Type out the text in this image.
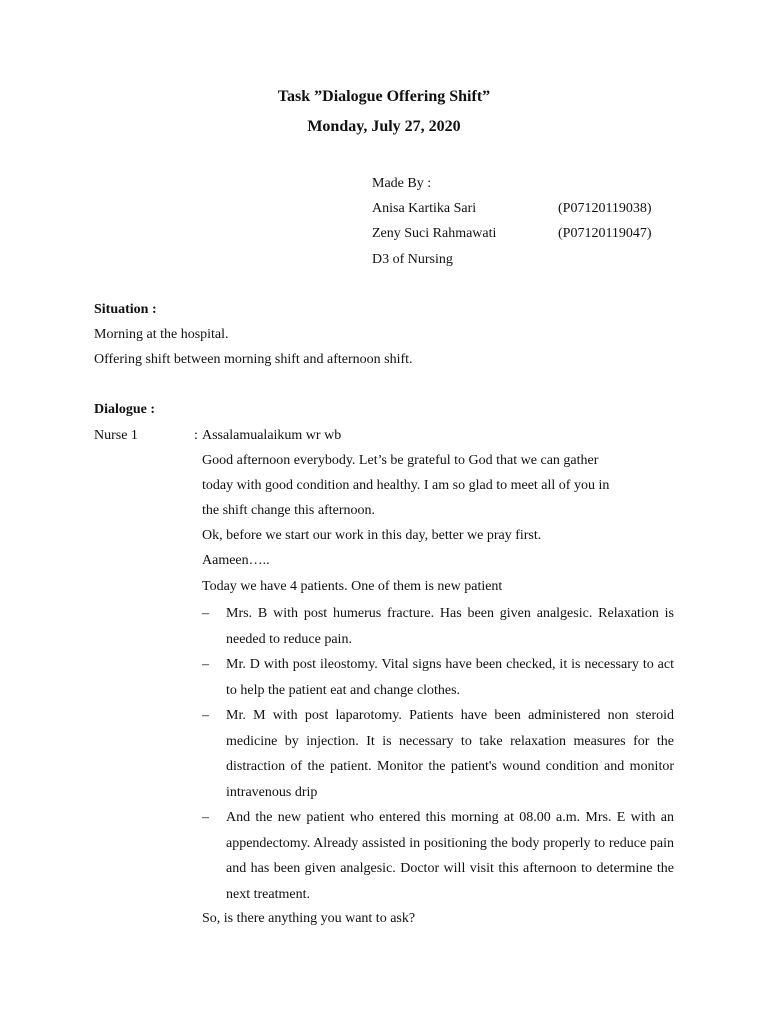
Task ”Dialogue Offering Shift”
Monday, July 27, 2020
Made By :
Anisa Kartika Sari	(P07120119038)
Zeny Suci Rahmawati	(P07120119047)
D3 of Nursing
Situation :
Morning at the hospital.
Offering shift between morning shift and afternoon shift.
Dialogue :
Nurse 1	: Assalamualaikum wr wb
Good afternoon everybody. Let’s be grateful to God that we can gather
today with good condition and healthy. I am so glad to meet all of you in
the shift change this afternoon.
Ok, before we start our work in this day, better we pray first.
Aameen…..
Today we have 4 patients. One of them is new patient
– Mrs. B with post humerus fracture. Has been given analgesic. Relaxation is needed to reduce pain.
– Mr. D with post ileostomy. Vital signs have been checked, it is necessary to act to help the patient eat and change clothes.
– Mr. M with post laparotomy. Patients have been administered non steroid medicine by injection. It is necessary to take relaxation measures for the distraction of the patient. Monitor the patient's wound condition and monitor intravenous drip
– And the new patient who entered this morning at 08.00 a.m. Mrs. E with an appendectomy. Already assisted in positioning the body properly to reduce pain and has been given analgesic. Doctor will visit this afternoon to determine the next treatment.
So, is there anything you want to ask?
